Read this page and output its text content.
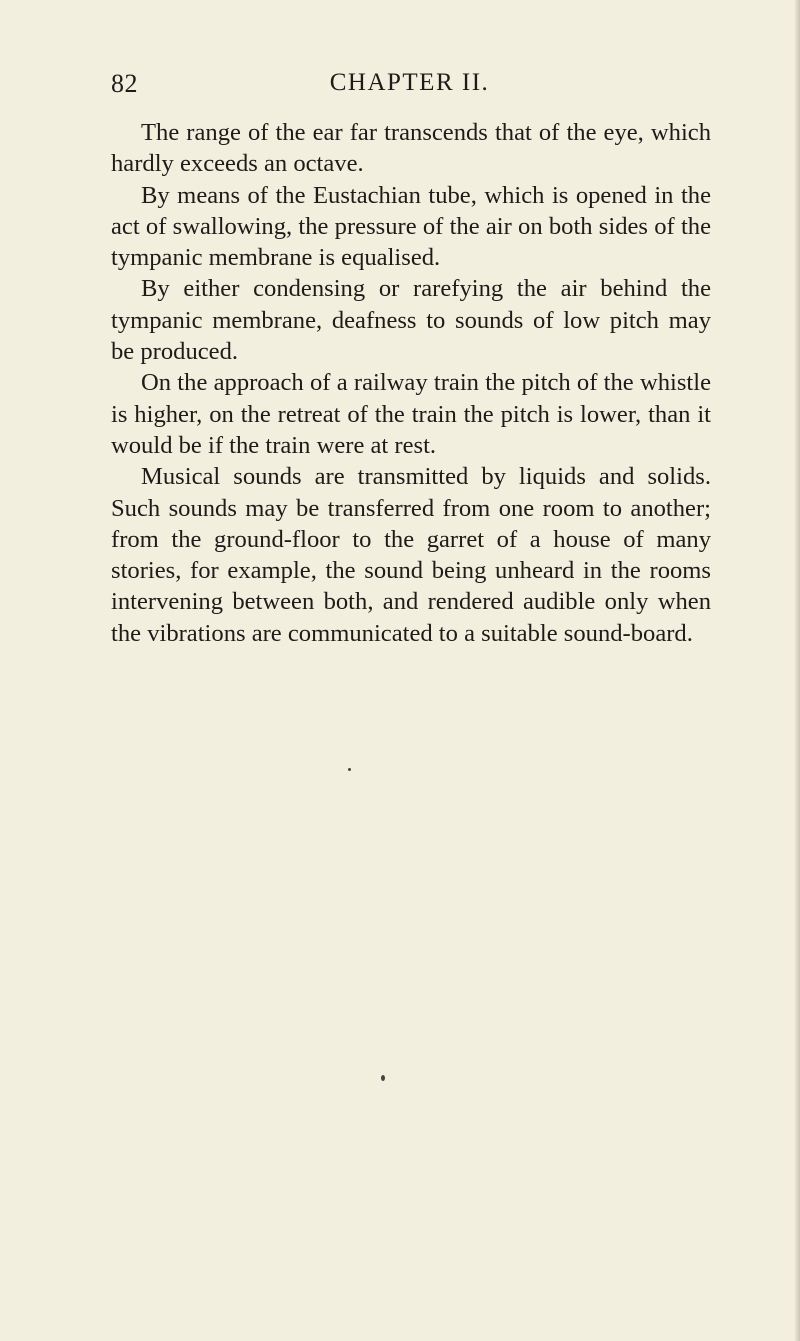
82	CHAPTER II.

The range of the ear far transcends that of the eye, which hardly exceeds an octave.

By means of the Eustachian tube, which is opened in the act of swallowing, the pressure of the air on both sides of the tympanic membrane is equalised.

By either condensing or rarefying the air behind the tympanic membrane, deafness to sounds of low pitch may be produced.

On the approach of a railway train the pitch of the whistle is higher, on the retreat of the train the pitch is lower, than it would be if the train were at rest.

Musical sounds are transmitted by liquids and solids. Such sounds may be transferred from one room to another; from the ground-floor to the garret of a house of many stories, for example, the sound being unheard in the rooms intervening between both, and rendered audible only when the vibrations are communicated to a suitable sound-board.
